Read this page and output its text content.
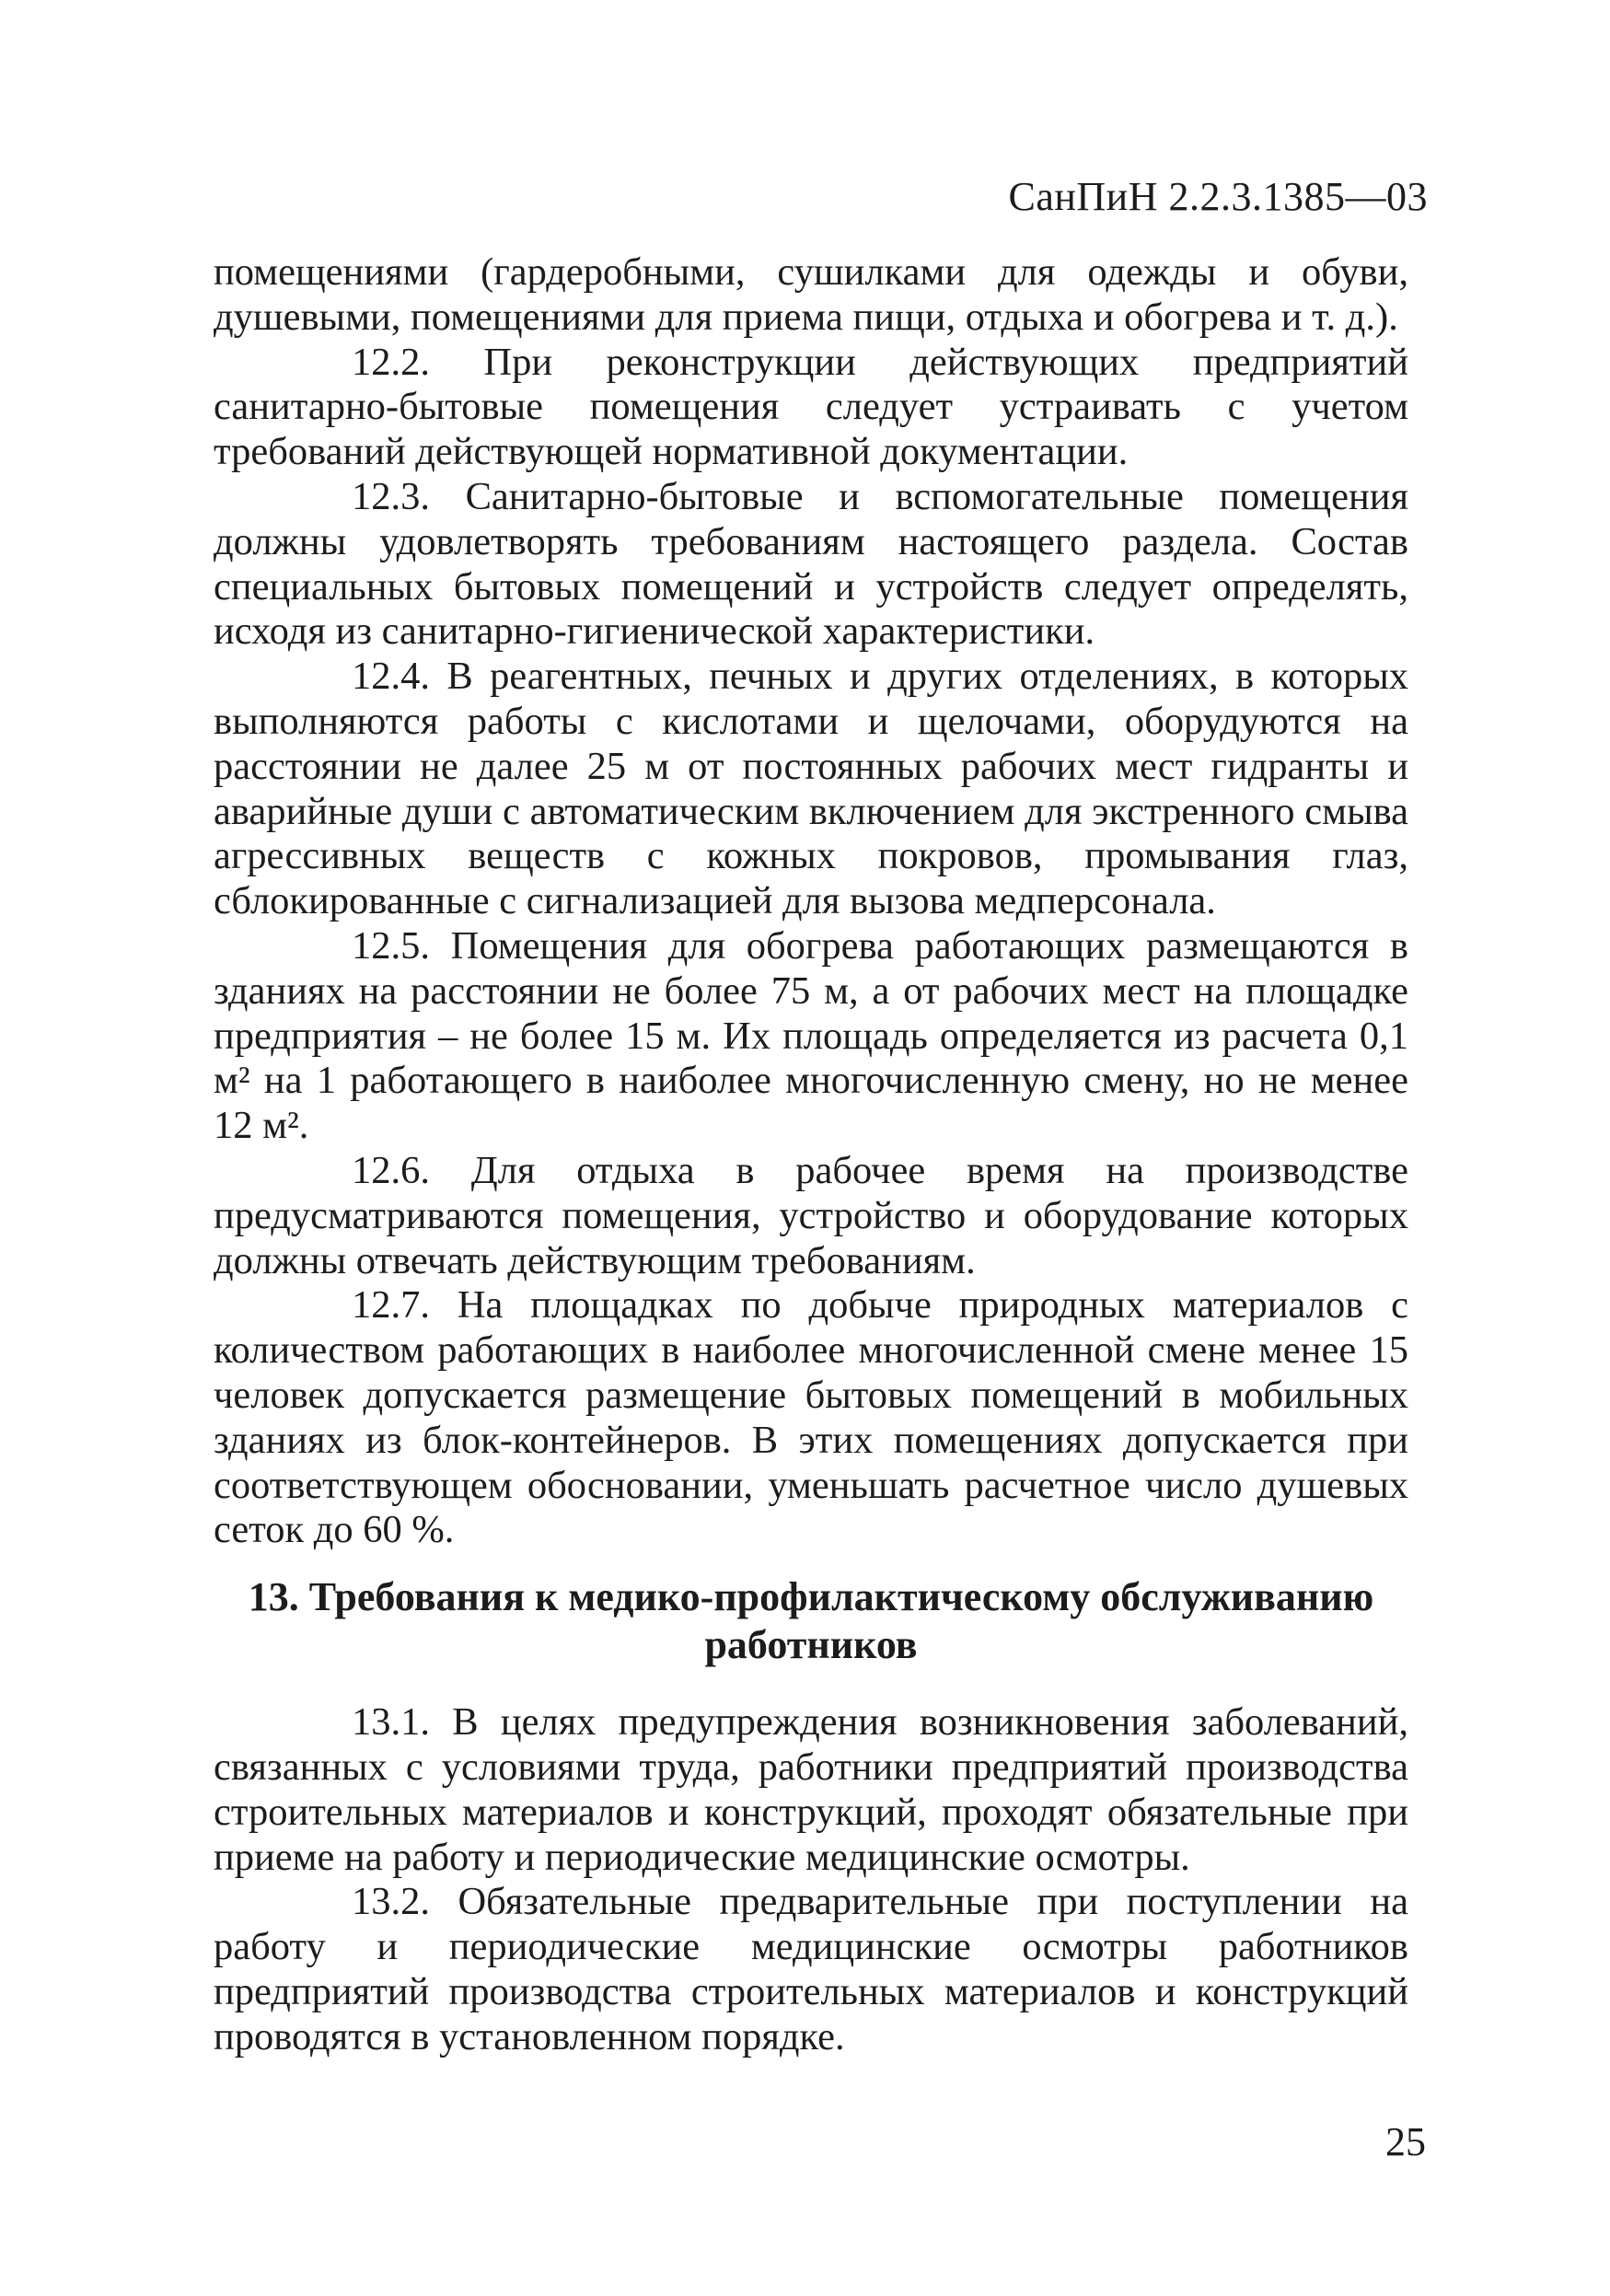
СанПиН 2.2.3.1385—03

помещениями (гардеробными, сушилками для одежды и обуви, душевыми, помещениями для приема пищи, отдыха и обогрева и т. д.).

12.2. При реконструкции действующих предприятий санитарно-бытовые помещения следует устраивать с учетом требований действующей нормативной документации.

12.3. Санитарно-бытовые и вспомогательные помещения должны удовлетворять требованиям настоящего раздела. Состав специальных бытовых помещений и устройств следует определять, исходя из санитарно-гигиенической характеристики.

12.4. В реагентных, печных и других отделениях, в которых выполняются работы с кислотами и щелочами, оборудуются на расстоянии не далее 25 м от постоянных рабочих мест гидранты и аварийные души с автоматическим включением для экстренного смыва агрессивных веществ с кожных покровов, промывания глаз, сблокированные с сигнализацией для вызова медперсонала.

12.5. Помещения для обогрева работающих размещаются в зданиях на расстоянии не более 75 м, а от рабочих мест на площадке предприятия – не более 15 м. Их площадь определяется из расчета 0,1 м² на 1 работающего в наиболее многочисленную смену, но не менее 12 м².

12.6. Для отдыха в рабочее время на производстве предусматриваются помещения, устройство и оборудование которых должны отвечать действующим требованиям.

12.7. На площадках по добыче природных материалов с количеством работающих в наиболее многочисленной смене менее 15 человек допускается размещение бытовых помещений в мобильных зданиях из блок-контейнеров. В этих помещениях допускается при соответствующем обосновании, уменьшать расчетное число душевых сеток до 60 %.

13. Требования к медико-профилактическому обслуживанию работников

13.1. В целях предупреждения возникновения заболеваний, связанных с условиями труда, работники предприятий производства строительных материалов и конструкций, проходят обязательные при приеме на работу и периодические медицинские осмотры.

13.2. Обязательные предварительные при поступлении на работу и периодические медицинские осмотры работников предприятий производства строительных материалов и конструкций проводятся в установленном порядке.

25
